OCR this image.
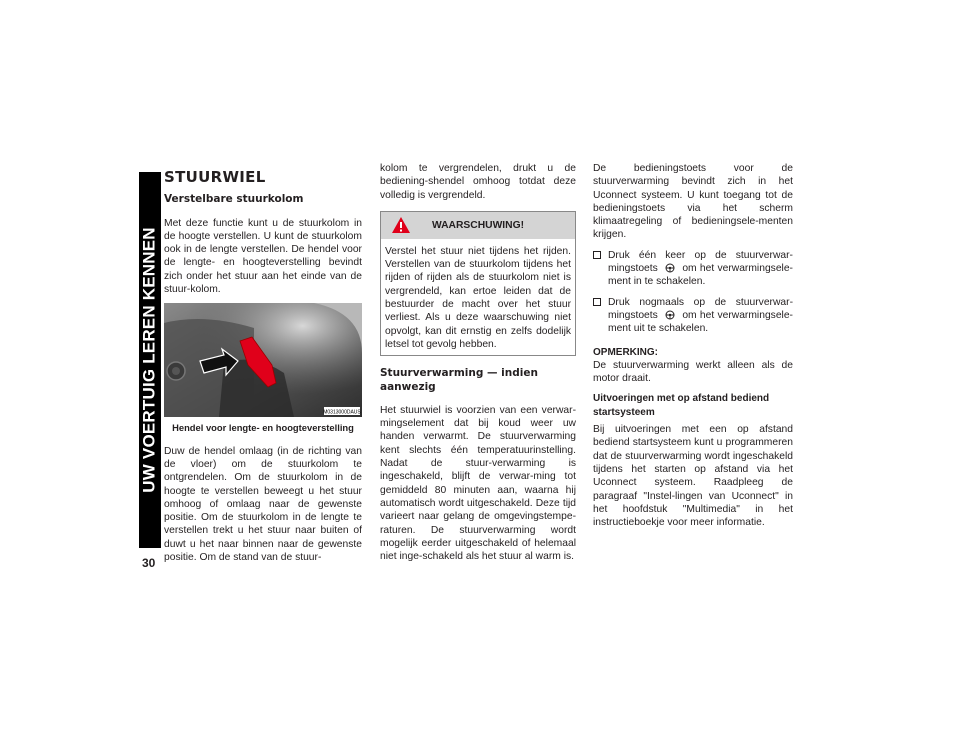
UW VOERTUIG LEREN KENNEN
30
STUURWIEL
Verstelbare stuurkolom

Met deze functie kunt u de stuurkolom in de hoogte verstellen. U kunt de stuurkolom ook in de lengte verstellen. De hendel voor de lengte- en hoogteverstelling bevindt zich onder het stuur aan het einde van de stuur-kolom.

M0313000DAUS
Hendel voor lengte- en hoogteverstelling

Duw de hendel omlaag (in de richting van de vloer) om de stuurkolom te ontgrendelen. Om de stuurkolom in de hoogte te verstellen beweegt u het stuur omhoog of omlaag naar de gewenste positie. Om de stuurkolom in de lengte te verstellen trekt u het stuur naar buiten of duwt u het naar binnen naar de gewenste positie. Om de stand van de stuur-

kolom te vergrendelen, drukt u de bediening-shendel omhoog totdat deze volledig is vergrendeld.

WAARSCHUWING!

Verstel het stuur niet tijdens het rijden. Verstellen van de stuurkolom tijdens het rijden of rijden als de stuurkolom niet is vergrendeld, kan ertoe leiden dat de bestuurder de macht over het stuur verliest. Als u deze waarschuwing niet opvolgt, kan dit ernstig en zelfs dodelijk letsel tot gevolg hebben.

Stuurverwarming — indien aanwezig

Het stuurwiel is voorzien van een verwar-mingselement dat bij koud weer uw handen verwarmt. De stuurverwarming kent slechts één temperatuurinstelling. Nadat de stuur-verwarming is ingeschakeld, blijft de verwar-ming tot gemiddeld 80 minuten aan, waarna hij automatisch wordt uitgeschakeld. Deze tijd varieert naar gelang de omgevingstempe-raturen. De stuurverwarming wordt mogelijk eerder uitgeschakeld of helemaal niet inge-schakeld als het stuur al warm is.

De bedieningstoets voor de stuurverwarming bevindt zich in het Uconnect systeem. U kunt toegang tot de bedieningstoets via het scherm klimaatregeling of bedieningsele-menten krijgen.

Druk één keer op de stuurverwar-mingstoets om het verwarmingsele-ment in te schakelen.
Druk nogmaals op de stuurverwar-mingstoets om het verwarmingsele-ment uit te schakelen.
OPMERKING:

De stuurverwarming werkt alleen als de motor draait.

Uitvoeringen met op afstand bediend startsysteem

Bij uitvoeringen met een op afstand bediend startsysteem kunt u programmeren dat de stuurverwarming wordt ingeschakeld tijdens het starten op afstand via het Uconnect systeem. Raadpleeg de paragraaf "Instel-lingen van Uconnect" in het hoofdstuk "Multimedia" in het instructieboekje voor meer informatie.
